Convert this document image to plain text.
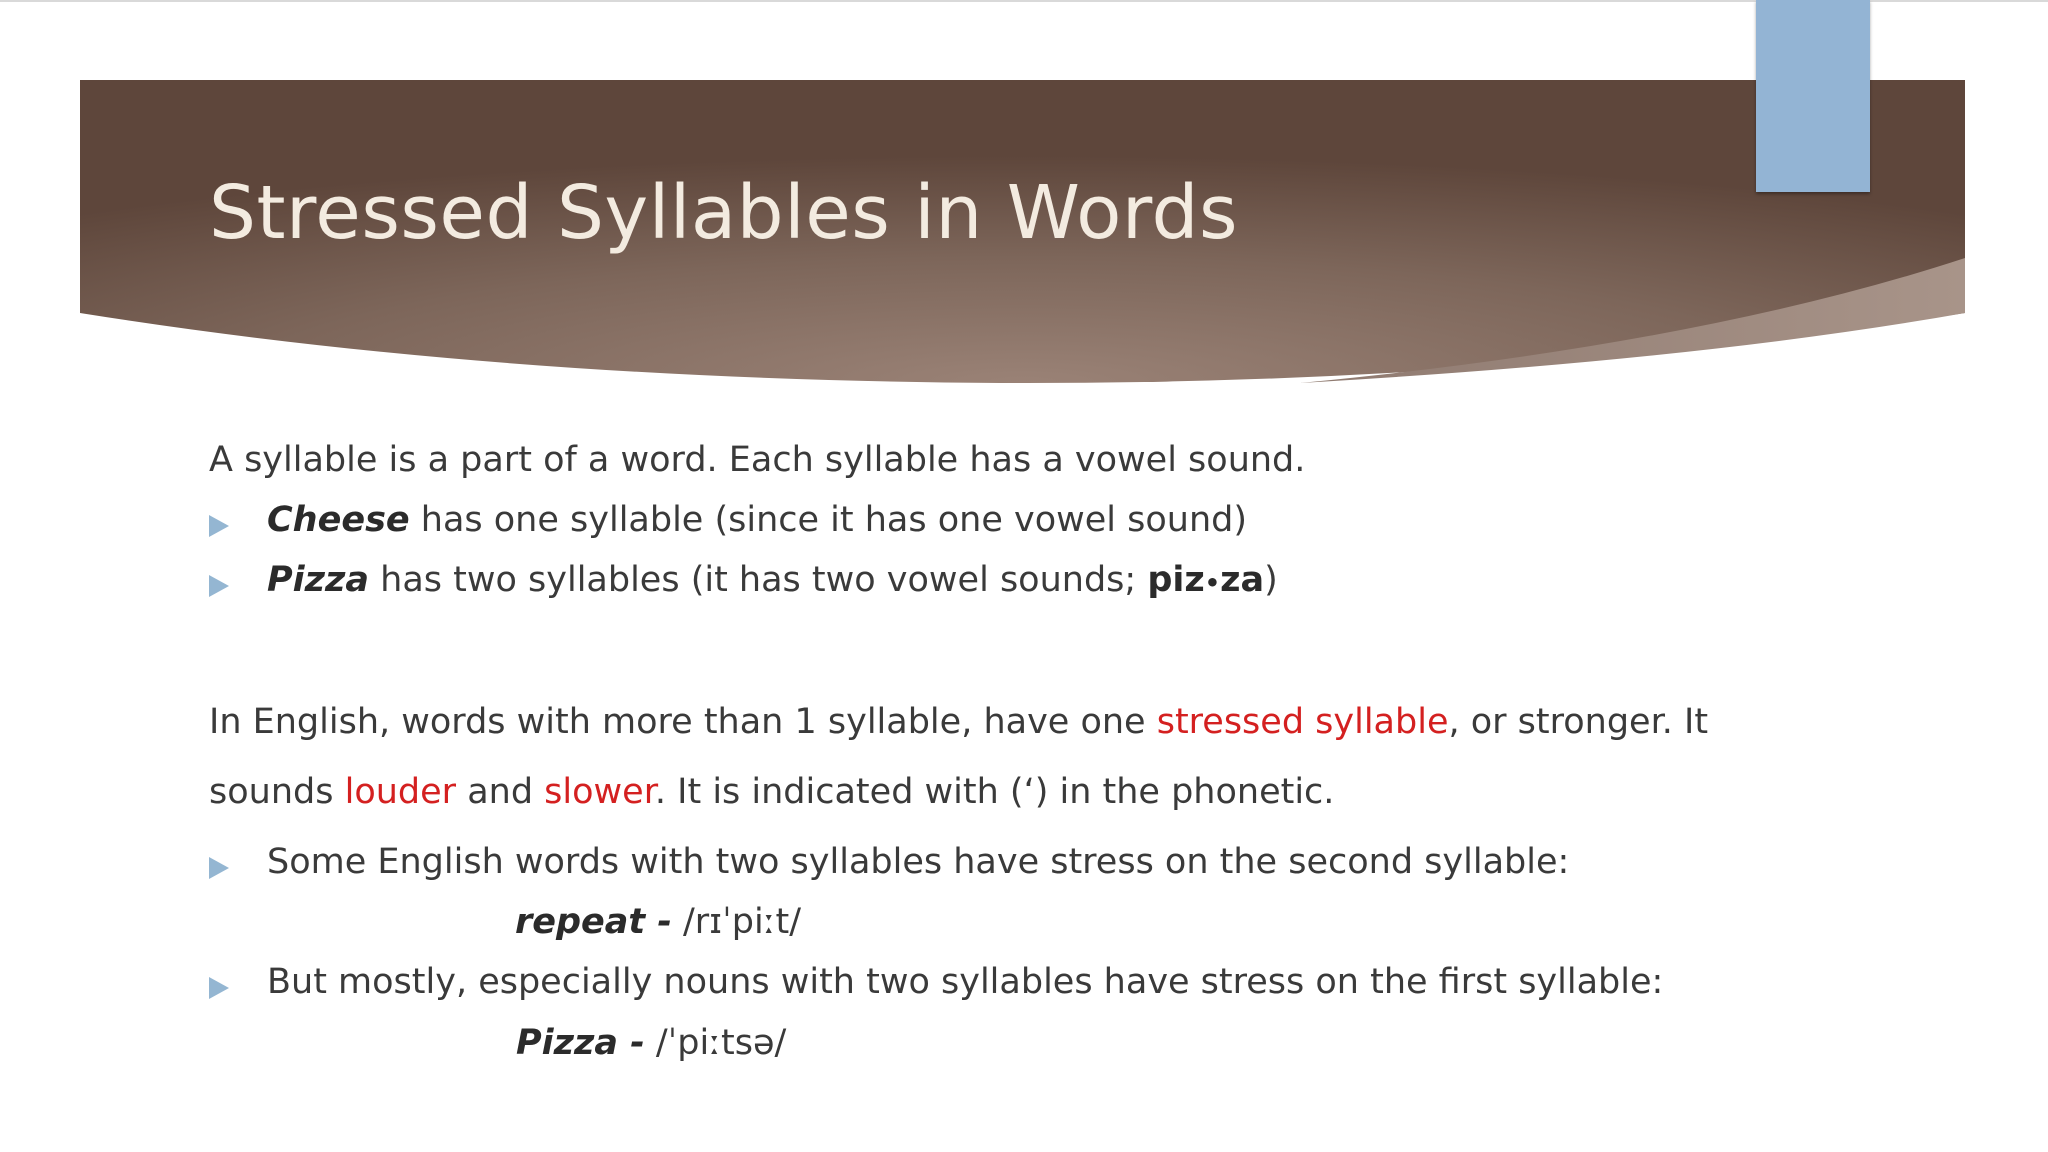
Stressed Syllables in Words
A syllable is a part of a word. Each syllable has a vowel sound.
Cheese has one syllable (since it has one vowel sound)
Pizza has two syllables (it has two vowel sounds; piz•za)
In English, words with more than 1 syllable, have one stressed syllable, or stronger. It
sounds louder and slower. It is indicated with (‘) in the phonetic.
Some English words with two syllables have stress on the second syllable:
repeat - /rɪˈpiːt/
But mostly, especially nouns with two syllables have stress on the first syllable:
Pizza - /ˈpiːtsə/
